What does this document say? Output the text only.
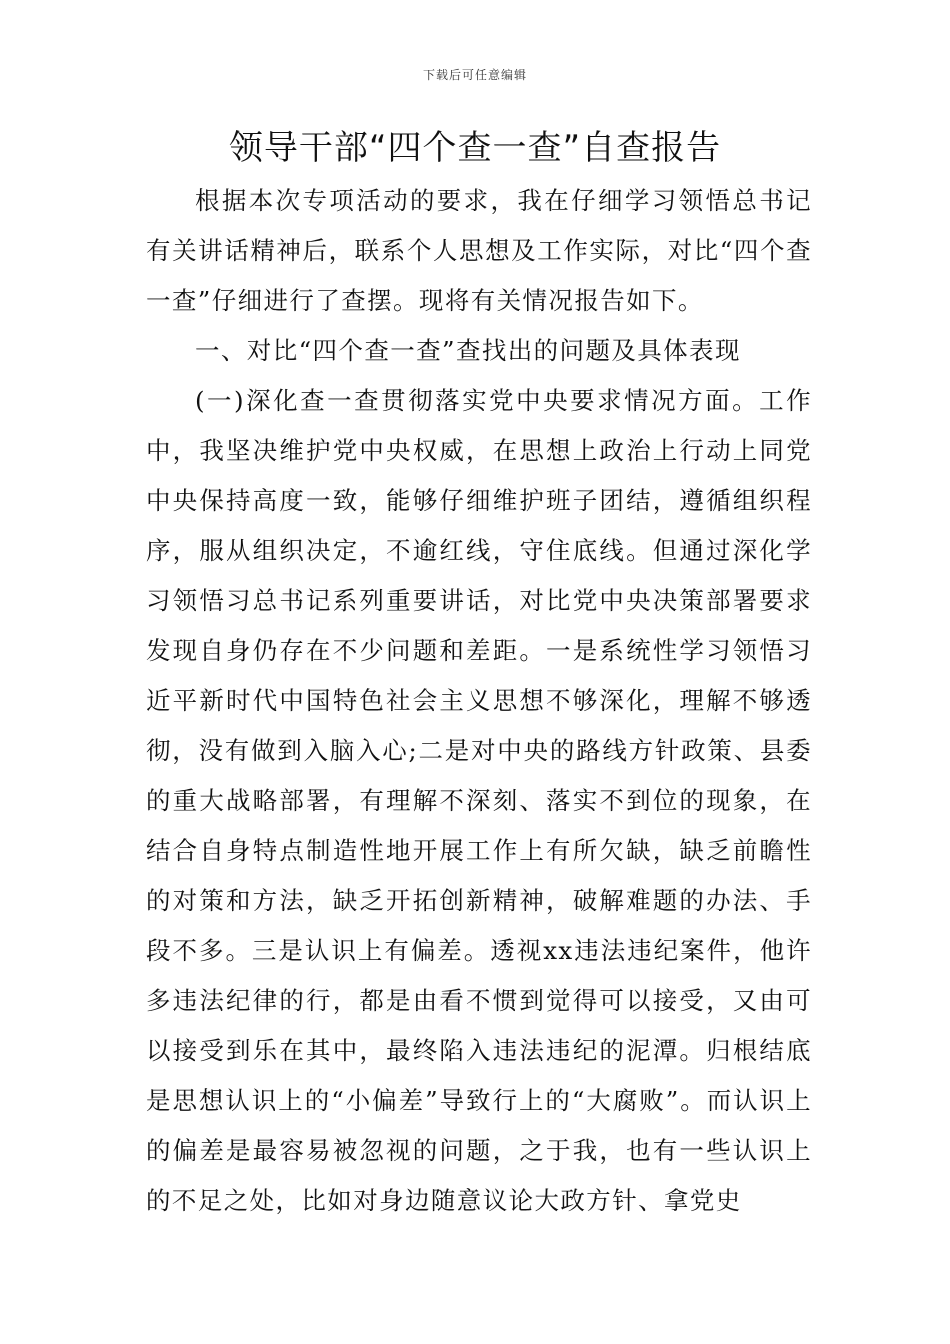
下载后可任意编辑
领导干部“四个查一查”自查报告

根据本次专项活动的要求，我在仔细学习领悟总书记有关讲话精神后，联系个人思想及工作实际，对比“四个查一查”仔细进行了查摆。现将有关情况报告如下。

一、对比“四个查一查”查找出的问题及具体表现

(一)深化查一查贯彻落实党中央要求情况方面。工作中，我坚决维护党中央权威，在思想上政治上行动上同党中央保持高度一致，能够仔细维护班子团结，遵循组织程序，服从组织决定，不逾红线，守住底线。但通过深化学习领悟习总书记系列重要讲话，对比党中央决策部署要求发现自身仍存在不少问题和差距。一是系统性学习领悟习近平新时代中国特色社会主义思想不够深化，理解不够透彻，没有做到入脑入心;二是对中央的路线方针政策、县委的重大战略部署，有理解不深刻、落实不到位的现象，在结合自身特点制造性地开展工作上有所欠缺，缺乏前瞻性的对策和方法，缺乏开拓创新精神，破解难题的办法、手段不多。三是认识上有偏差。透视xx违法违纪案件，他许多违法纪律的行，都是由看不惯到觉得可以接受，又由可以接受到乐在其中，最终陷入违法违纪的泥潭。归根结底是思想认识上的“小偏差”导致行上的“大腐败”。而认识上的偏差是最容易被忽视的问题，之于我，也有一些认识上的不足之处，比如对身边随意议论大政方针、拿党史
